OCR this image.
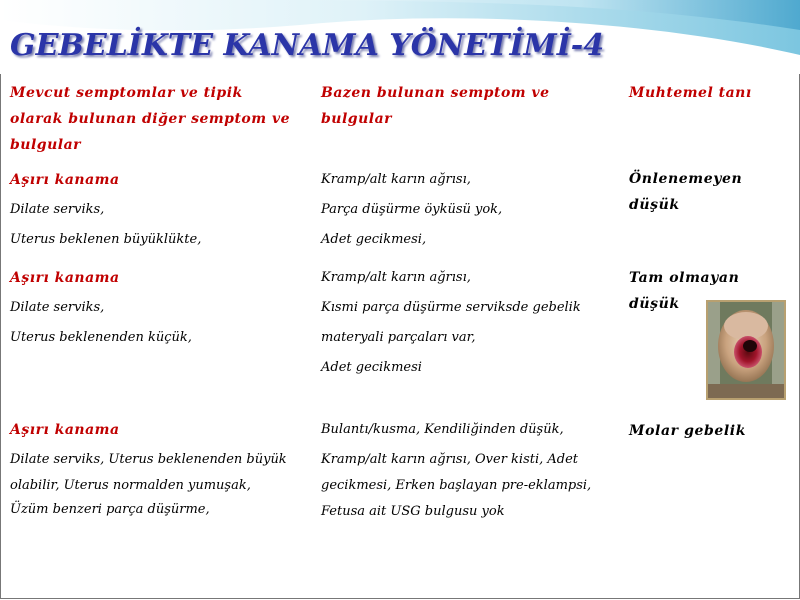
GEBELİKTE KANAMA YÖNETİMİ-4
Mevcut semptomlar ve tipik
olarak bulunan diğer semptom ve
bulgular
Bazen bulunan semptom ve
bulgular
Muhtemel tanı
Aşırı kanama
Dilate serviks,
Uterus beklenen büyüklükte,
Kramp/alt karın ağrısı,
Parça düşürme öyküsü yok,
Adet gecikmesi,
Önlenemeyen
düşük
Aşırı kanama
Dilate serviks,
Uterus beklenenden küçük,
Kramp/alt karın ağrısı,
Kısmi parça düşürme serviksde gebelik
materyali parçaları var,
Adet gecikmesi
Tam olmayan
düşük
Aşırı kanama
Dilate serviks, Uterus beklenenden büyük
olabilir, Uterus normalden yumuşak,
Üzüm benzeri parça düşürme,
Bulantı/kusma, Kendiliğinden düşük,
Kramp/alt karın ağrısı, Over kisti, Adet
gecikmesi, Erken başlayan pre-eklampsi,
Fetusa ait USG bulgusu yok
Molar gebelik
